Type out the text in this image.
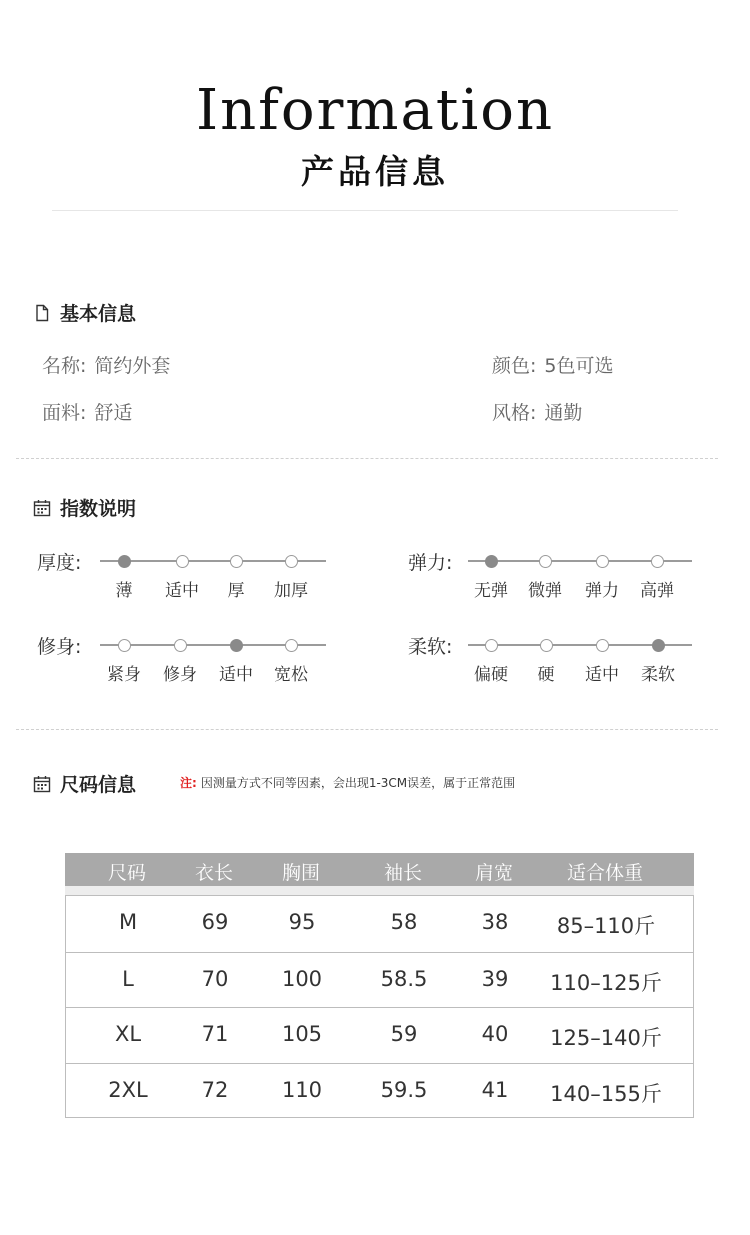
Information
产品信息
基本信息
名称: 简约外套	颜色: 5色可选
面料: 舒适	风格: 通勤
指数说明
厚度:
薄	适中	厚	加厚
弹力:
无弹	微弹	弹力	高弹
修身:
紧身	修身	适中	宽松
柔软:
偏硬	硬	适中	柔软
尺码信息	注: 因测量方式不同等因素，会出现1-3CM误差，属于正常范围
尺码	衣长	胸围	袖长	肩宽	适合体重
M	69	95	58	38	85–110斤
L	70	100	58.5	39	110–125斤
XL	71	105	59	40	125–140斤
2XL	72	110	59.5	41	140–155斤
